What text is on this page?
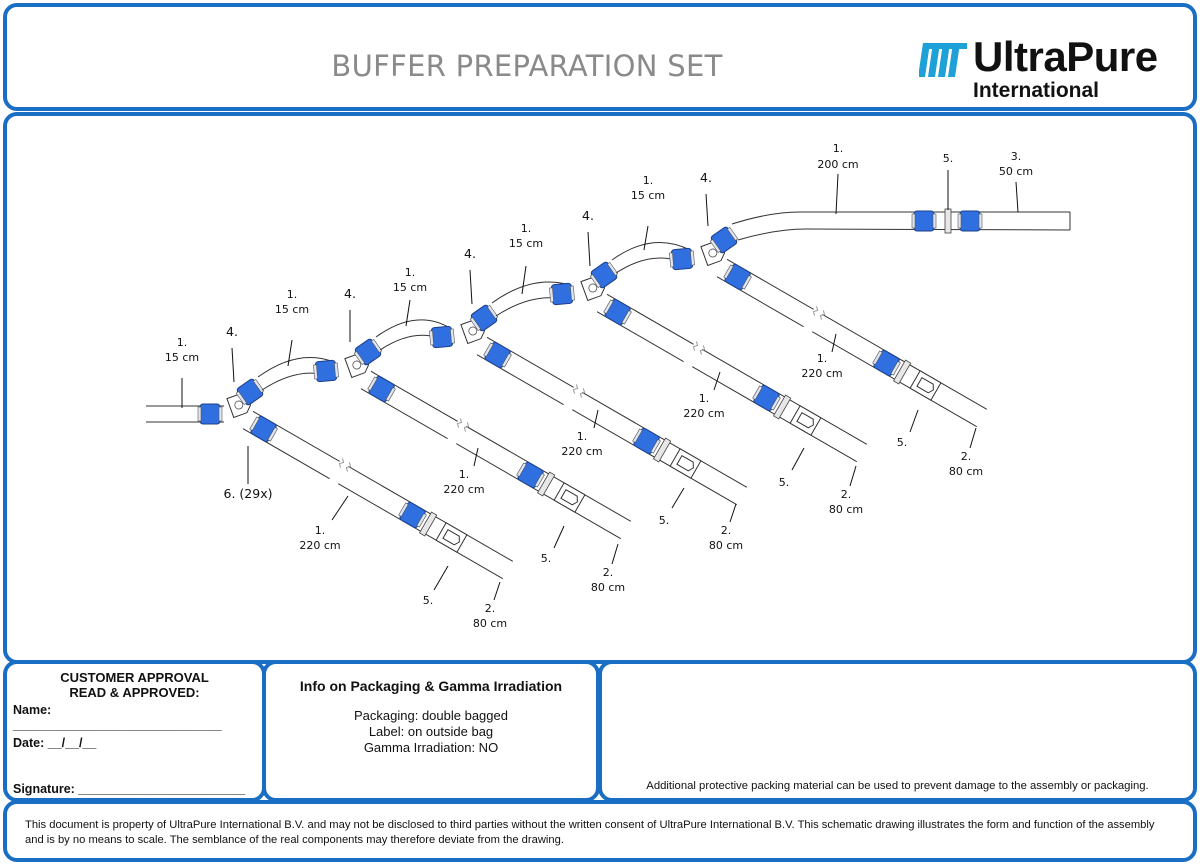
BUFFER PREPARATION SET	UltraPure
International
1.
15 cm
1.
15 cm
1.
15 cm
1.
15 cm
1.
15 cm
4.
4.
4.
4.
4.
1.
200 cm	5.	3.
50 cm
1.
220 cm
1.
220 cm
1.
220 cm
1.
220 cm
1.
220 cm
5.
5.
5.
5.
5.
2.
80 cm
2.
80 cm
2.
80 cm
2.
80 cm
2.
80 cm
6. (29x)
CUSTOMER APPROVAL
READ & APPROVED:
Name:
______________________________
Date: __/__/__
Signature: ________________________
Info on Packaging & Gamma Irradiation
Packaging: double bagged
Label: on outside bag
Gamma Irradiation: NO
Additional protective packing material can be used to prevent damage to the assembly or packaging.
This document is property of UltraPure International B.V. and may not be disclosed to third parties without the written consent of UltraPure International B.V. This schematic drawing illustrates the form and function of the assembly and is by no means to scale. The semblance of the real components may therefore deviate from the drawing.
